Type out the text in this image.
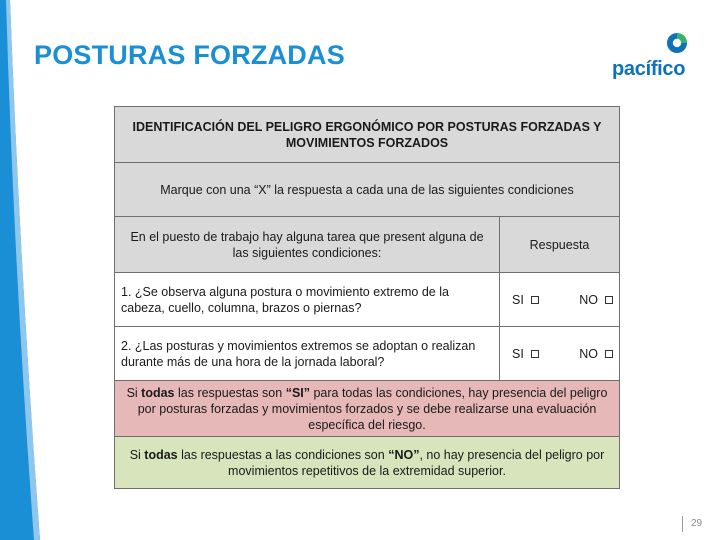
POSTURAS FORZADAS	pacífico
IDENTIFICACIÓN DEL PELIGRO ERGONÓMICO POR POSTURAS FORZADAS Y MOVIMIENTOS FORZADOS	
Marque con una “X” la respuesta a cada una de las siguientes condiciones	
En el puesto de trabajo hay alguna tarea que present alguna de las siguientes condiciones:	Respuesta
1. ¿Se observa alguna postura o movimiento extremo de la cabeza, cuello, columna, brazos o piernas?	SI NO

2. ¿Las posturas y movimientos extremos se adoptan o realizan durante más de una hora de la jornada laboral?	SI NO

Si todas las respuestas son “SI” para todas las condiciones, hay presencia del peligro por posturas forzadas y movimientos forzados y se debe realizarse una evaluación específica del riesgo.	
Si todas las respuestas a las condiciones son “NO”, no hay presencia del peligro por movimientos repetitivos de la extremidad superior.	
29
